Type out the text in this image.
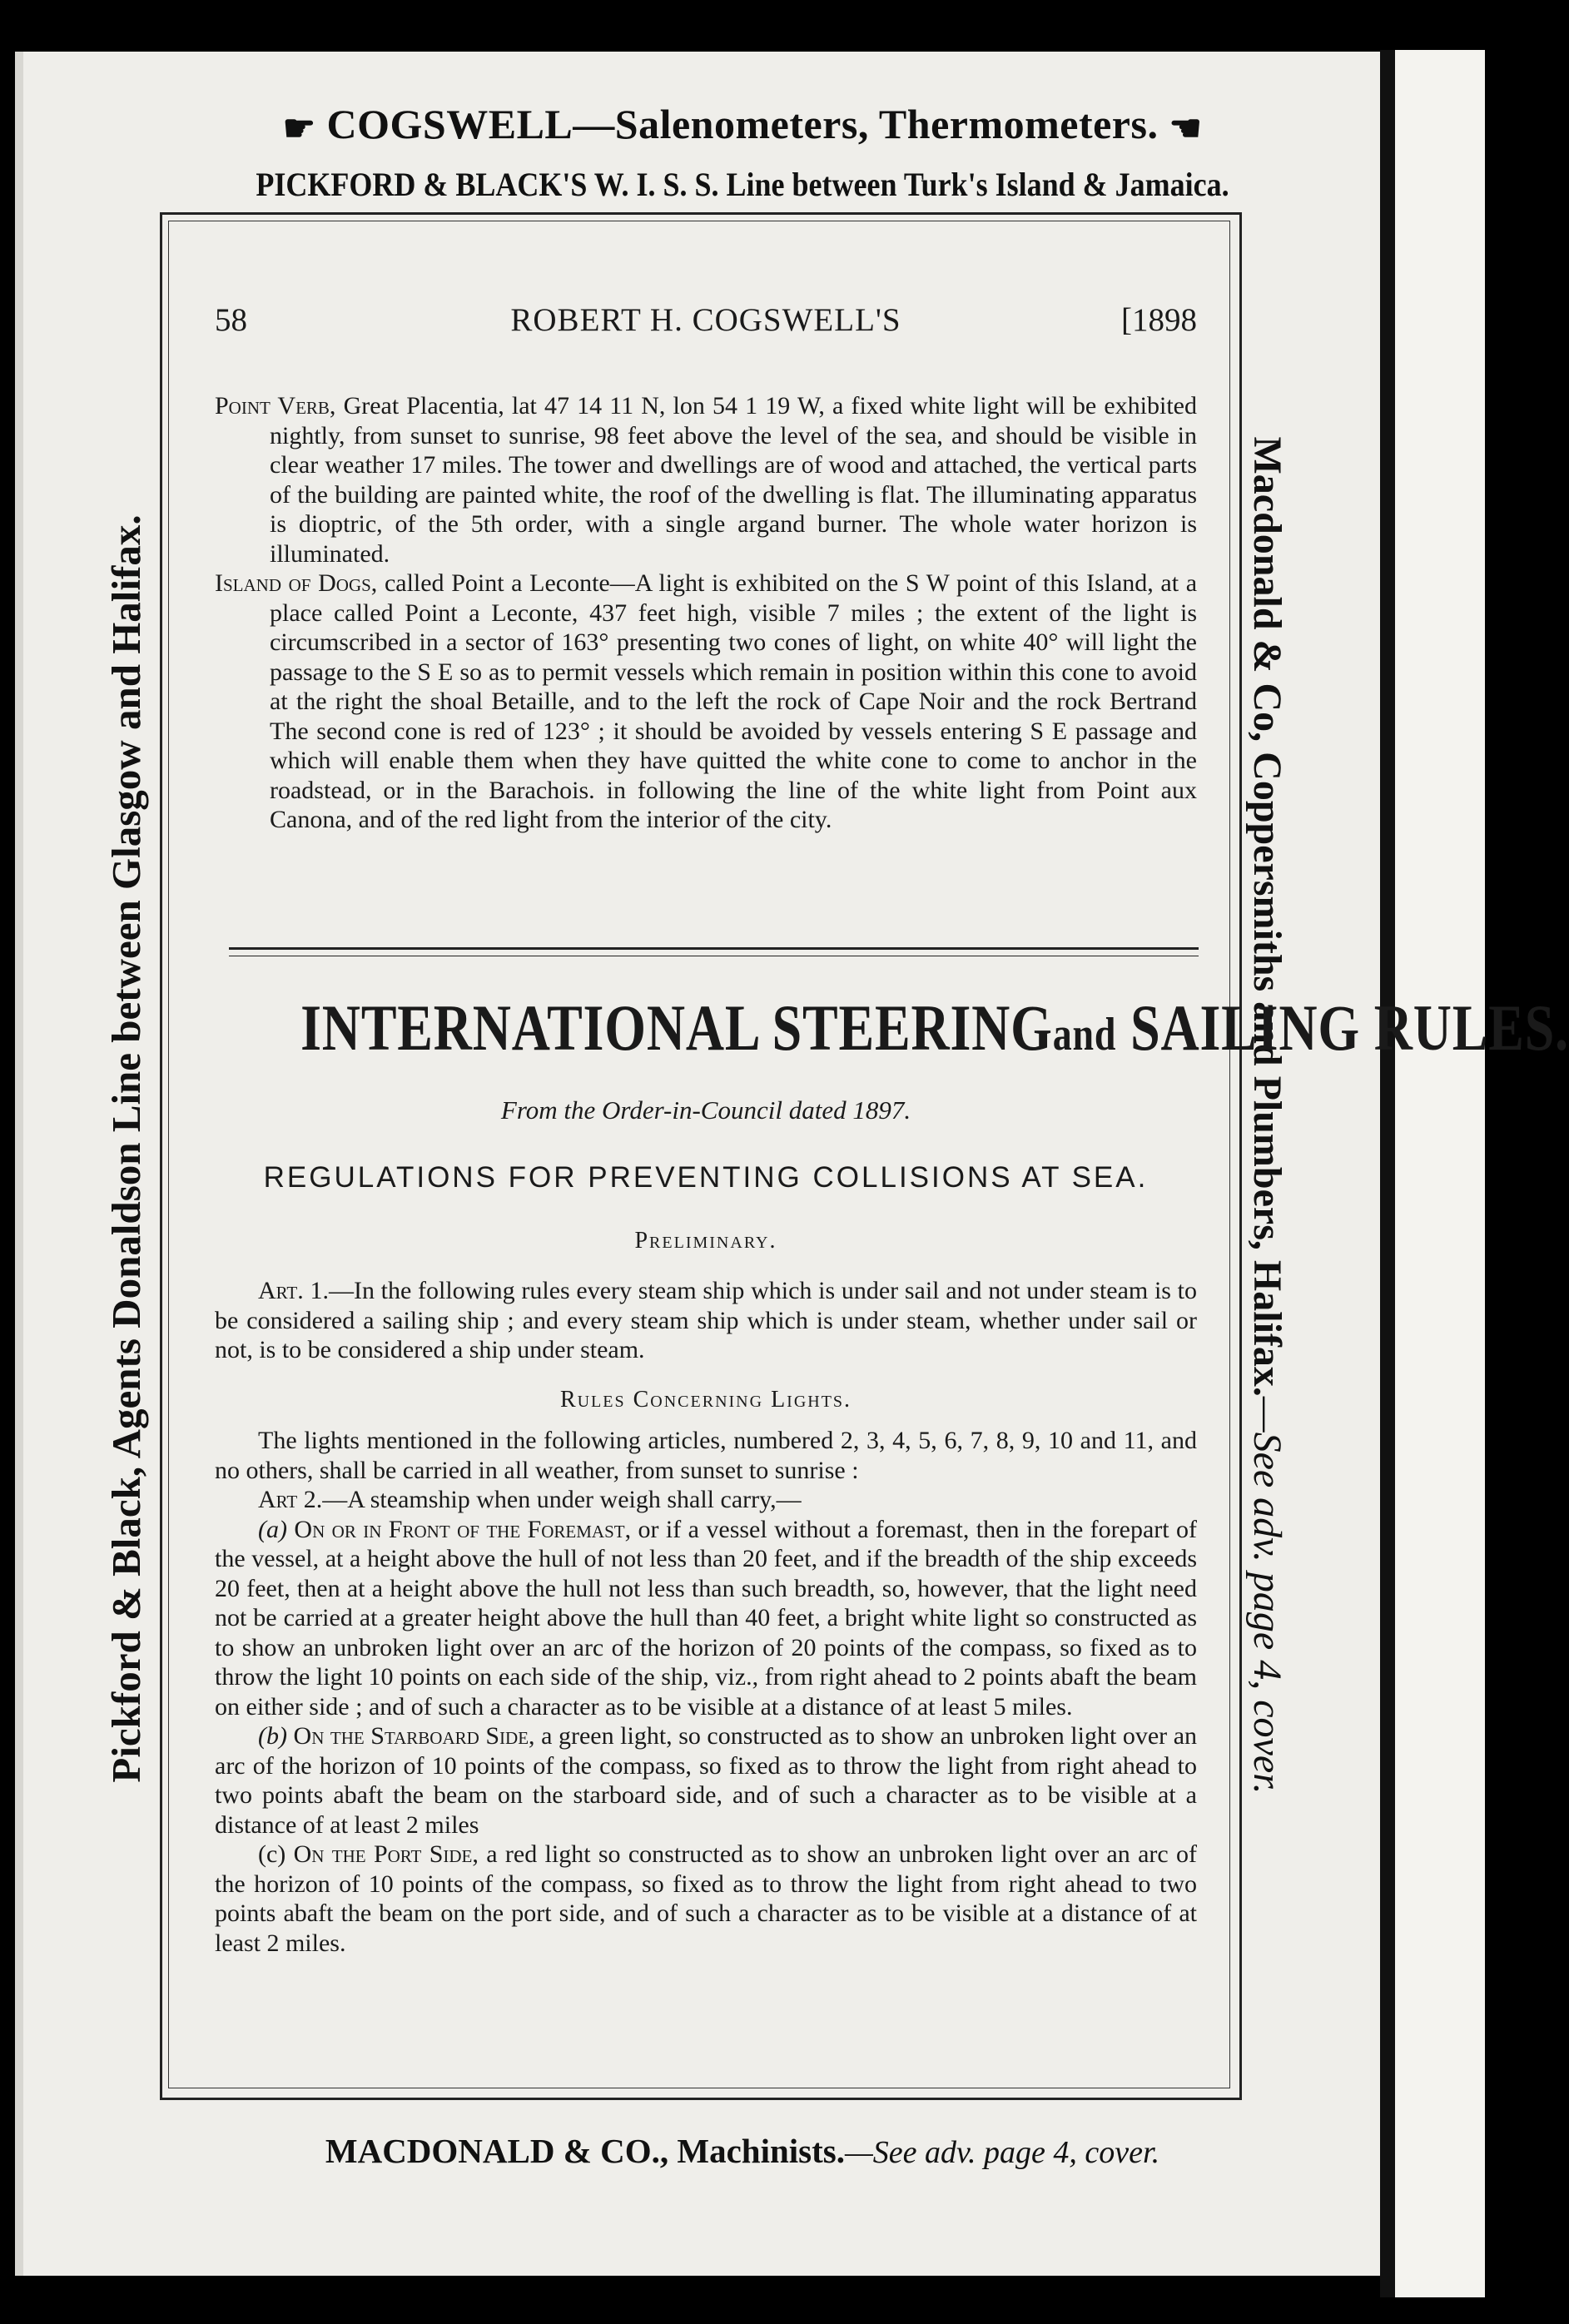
☛ COGSWELL—Salenometers, Thermometers. ☚
PICKFORD & BLACK'S W. I. S. S. Line between Turk's Island & Jamaica.
Pickford & Black, Agents Donaldson Line between Glasgow and Halifax.	Macdonald & Co, Coppersmiths and Plumbers, Halifax.—See adv. page 4, cover.
58	ROBERT H. COGSWELL'S	[1898

Point Verb, Great Placentia, lat 47 14 11 N, lon 54 1 19 W, a fixed white light will be exhibited nightly, from sunset to sunrise, 98 feet above the level of the sea, and should be visible in clear weather 17 miles. The tower and dwellings are of wood and attached, the vertical parts of the building are painted white, the roof of the dwelling is flat. The illuminating apparatus is dioptric, of the 5th order, with a single argand burner. The whole water horizon is illuminated.

Island of Dogs, called Point a Leconte—A light is exhibited on the S W point of this Island, at a place called Point a Leconte, 437 feet high, visible 7 miles ; the extent of the light is circumscribed in a sector of 163° presenting two cones of light, on white 40° will light the passage to the S E so as to permit vessels which remain in position within this cone to avoid at the right the shoal Betaille, and to the left the rock of Cape Noir and the rock Bertrand The second cone is red of 123° ; it should be avoided by vessels entering S E passage and which will enable them when they have quitted the white cone to come to anchor in the roadstead, or in the Barachois. in following the line of the white light from Point aux Canona, and of the red light from the interior of the city.

INTERNATIONAL STEERINGand SAILING RULES.
From the Order-in-Council dated 1897.
REGULATIONS FOR PREVENTING COLLISIONS AT SEA.
Preliminary.

Art. 1.—In the following rules every steam ship which is under sail and not under steam is to be considered a sailing ship ; and every steam ship which is under steam, whether under sail or not, is to be considered a ship under steam.

Rules Concerning Lights.

The lights mentioned in the following articles, numbered 2, 3, 4, 5, 6, 7, 8, 9, 10 and 11, and no others, shall be carried in all weather, from sunset to sunrise :

Art 2.—A steamship when under weigh shall carry,—

(a) On or in Front of the Foremast, or if a vessel without a foremast, then in the forepart of the vessel, at a height above the hull of not less than 20 feet, and if the breadth of the ship exceeds 20 feet, then at a height above the hull not less than such breadth, so, however, that the light need not be carried at a greater height above the hull than 40 feet, a bright white light so constructed as to show an unbroken light over an arc of the horizon of 20 points of the compass, so fixed as to throw the light 10 points on each side of the ship, viz., from right ahead to 2 points abaft the beam on either side ; and of such a character as to be visible at a distance of at least 5 miles.

(b) On the Starboard Side, a green light, so constructed as to show an unbroken light over an arc of the horizon of 10 points of the compass, so fixed as to throw the light from right ahead to two points abaft the beam on the starboard side, and of such a character as to be visible at a distance of at least 2 miles

(c) On the Port Side, a red light so constructed as to show an unbroken light over an arc of the horizon of 10 points of the compass, so fixed as to throw the light from right ahead to two points abaft the beam on the port side, and of such a character as to be visible at a distance of at least 2 miles.

MACDONALD & CO., Machinists.—See adv. page 4, cover.
